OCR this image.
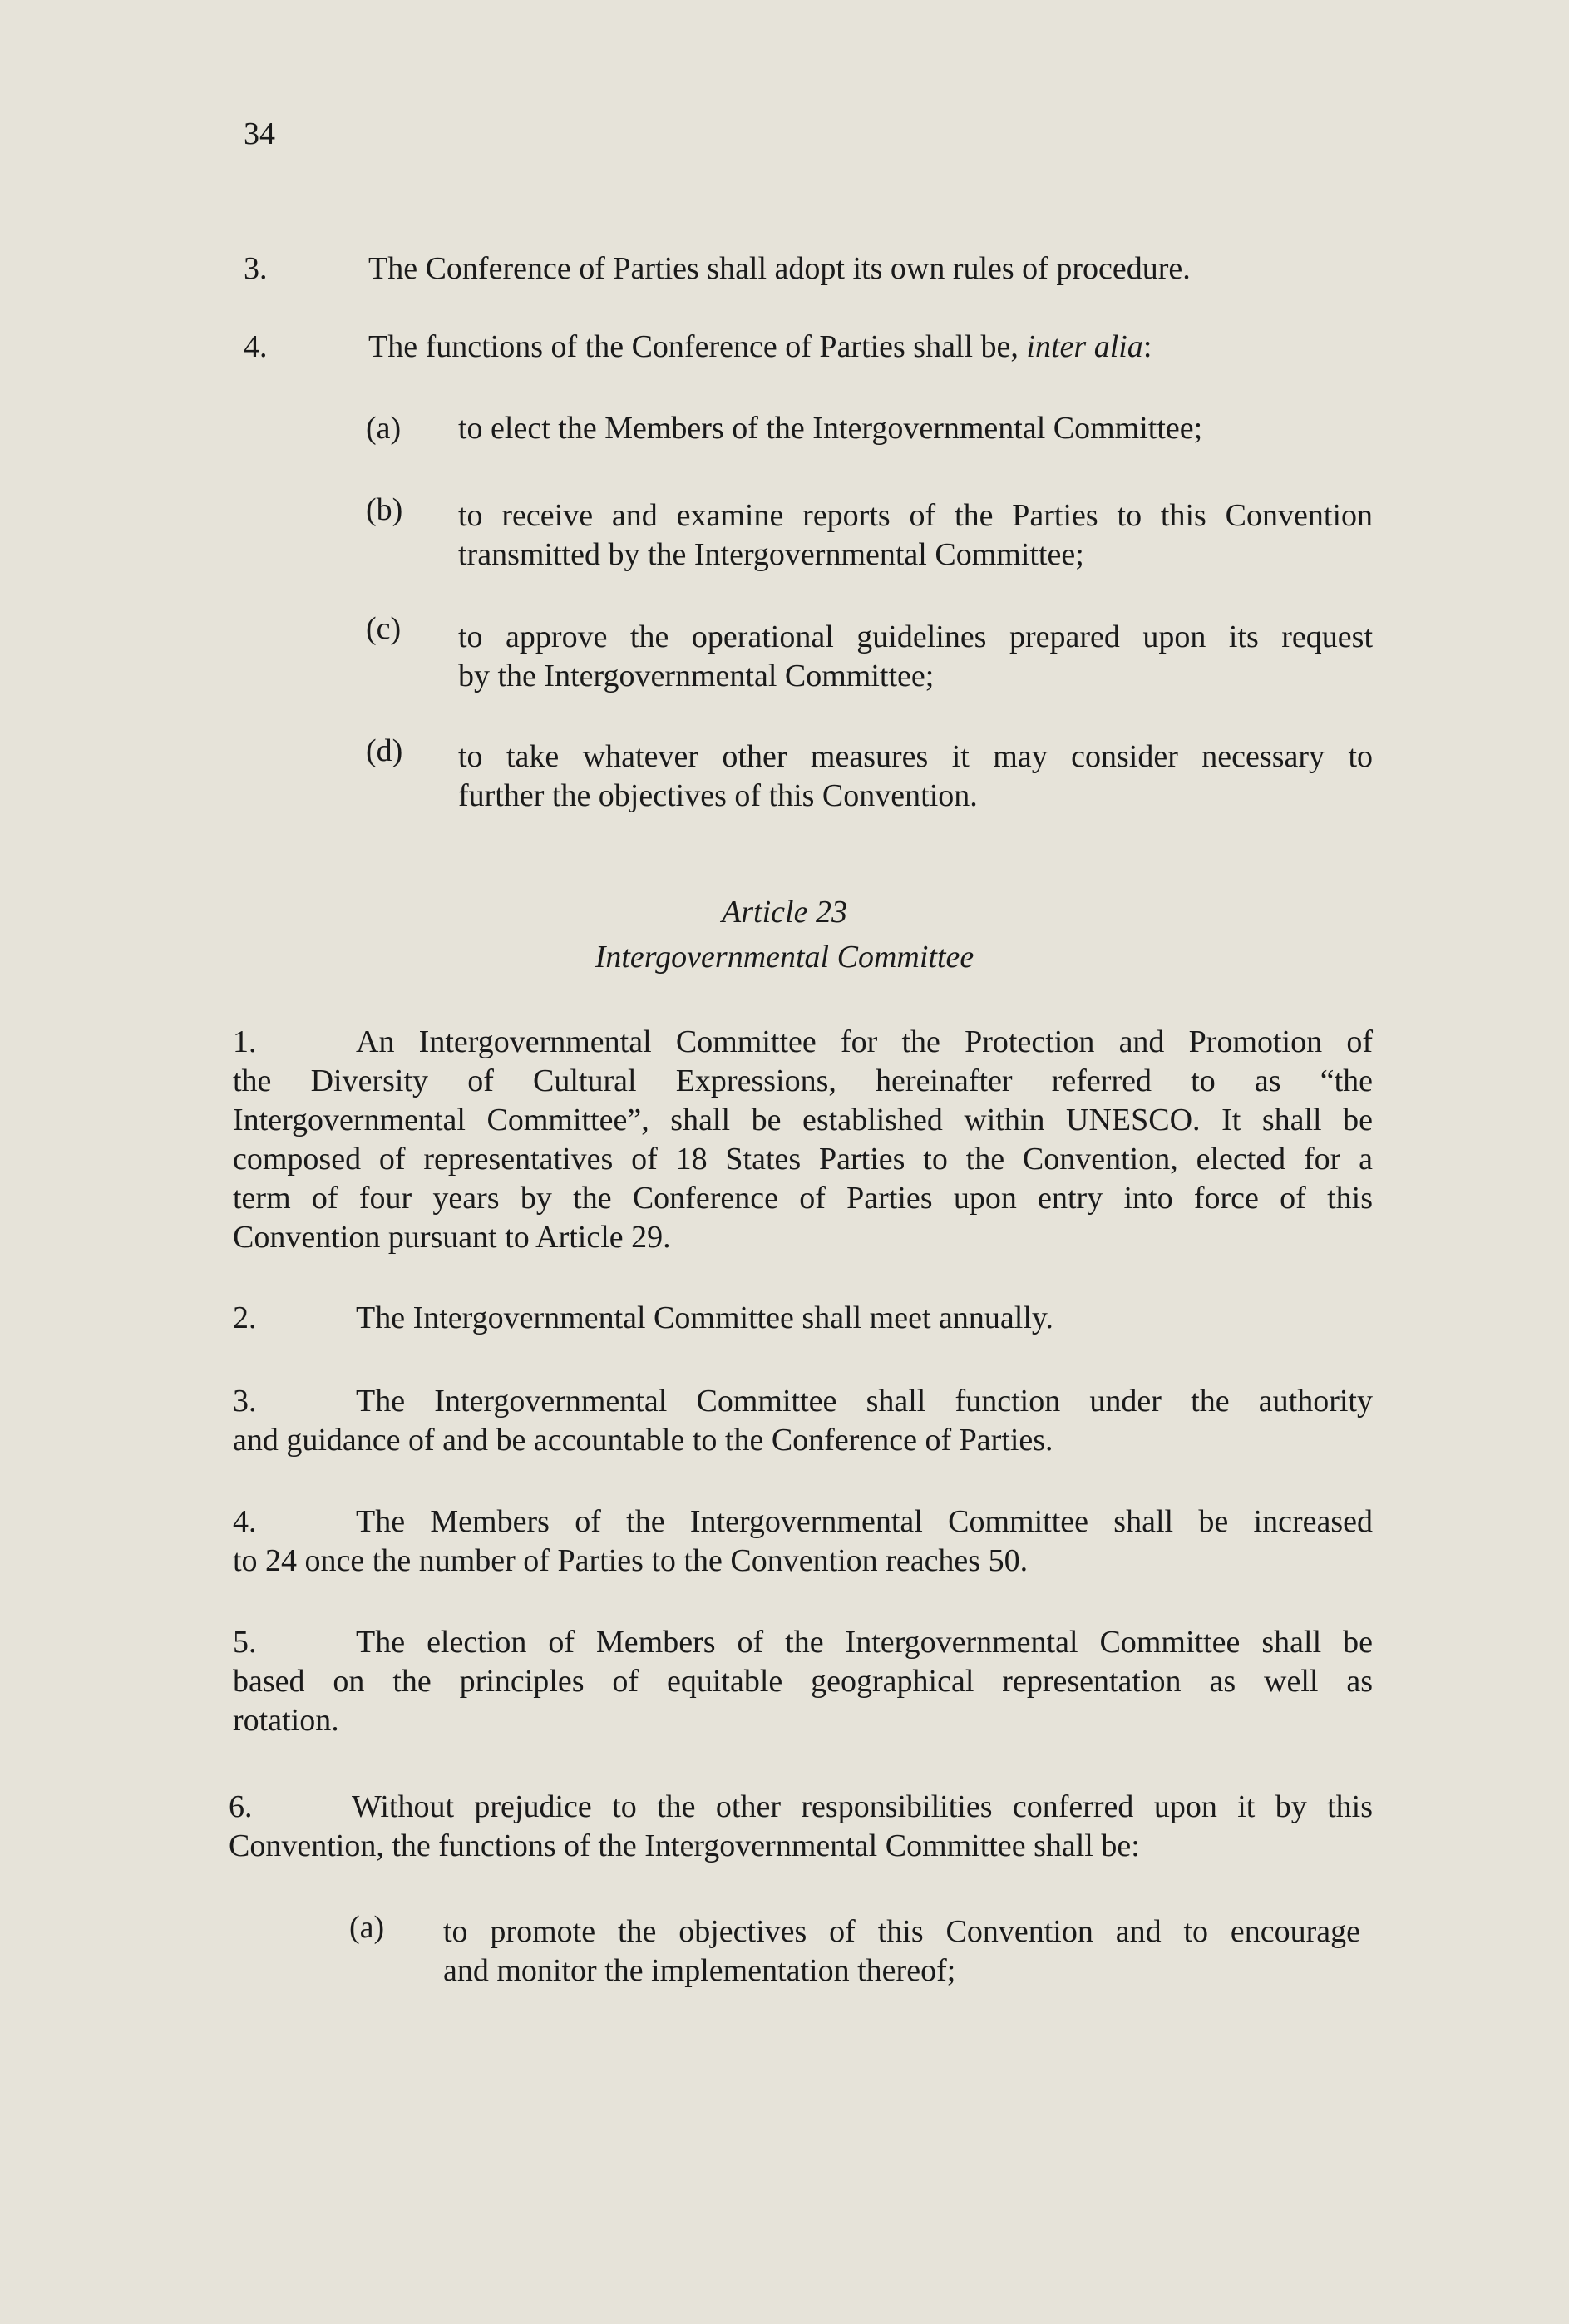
34
3.	The Conference of Parties shall adopt its own rules of procedure.
4.	The functions of the Conference of Parties shall be, inter alia:
(a) to elect the Members of the Intergovernmental Committee;
(b) to receive and examine reports of the Parties to this Convention
transmitted by the Intergovernmental Committee;
(c) to approve the operational guidelines prepared upon its request
by the Intergovernmental Committee;
(d) to take whatever other measures it may consider necessary to
further the objectives of this Convention.
Article 23
Intergovernmental Committee
1.	An Intergovernmental Committee for the Protection and Promotion of
the Diversity of Cultural Expressions, hereinafter referred to as “the
Intergovernmental Committee”, shall be established within UNESCO. It shall be
composed of representatives of 18 States Parties to the Convention, elected for a
term of four years by the Conference of Parties upon entry into force of this
Convention pursuant to Article 29.
2.	The Intergovernmental Committee shall meet annually.
3.	The Intergovernmental Committee shall function under the authority
and guidance of and be accountable to the Conference of Parties.
4.	The Members of the Intergovernmental Committee shall be increased
to 24 once the number of Parties to the Convention reaches 50.
5.	The election of Members of the Intergovernmental Committee shall be
based on the principles of equitable geographical representation as well as
rotation.
6.	Without prejudice to the other responsibilities conferred upon it by this
Convention, the functions of the Intergovernmental Committee shall be:
(a) to promote the objectives of this Convention and to encourage
and monitor the implementation thereof;
